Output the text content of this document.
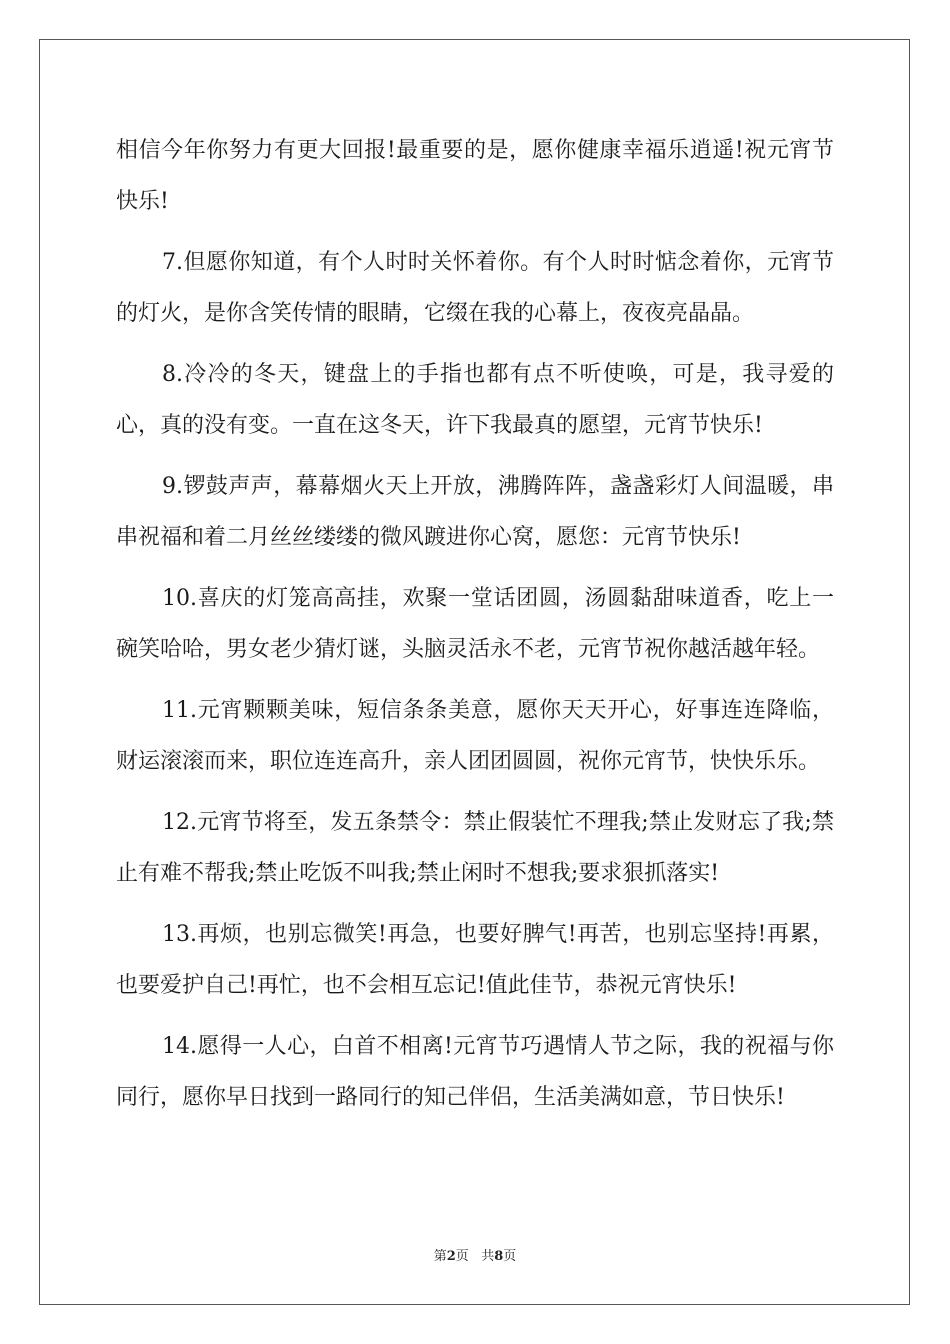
相信今年你努力有更大回报!最重要的是，愿你健康幸福乐逍遥!祝元宵节快乐!

7.但愿你知道，有个人时时关怀着你。有个人时时惦念着你，元宵节的灯火，是你含笑传情的眼睛，它缀在我的心幕上，夜夜亮晶晶。

8.冷冷的冬天，键盘上的手指也都有点不听使唤，可是，我寻爱的心，真的没有变。一直在这冬天，许下我最真的愿望，元宵节快乐!

9.锣鼓声声，幕幕烟火天上开放，沸腾阵阵，盏盏彩灯人间温暖，串串祝福和着二月丝丝缕缕的微风踱进你心窝，愿您：元宵节快乐!

10.喜庆的灯笼高高挂，欢聚一堂话团圆，汤圆黏甜味道香，吃上一碗笑哈哈，男女老少猜灯谜，头脑灵活永不老，元宵节祝你越活越年轻。

11.元宵颗颗美味，短信条条美意，愿你天天开心，好事连连降临，财运滚滚而来，职位连连高升，亲人团团圆圆，祝你元宵节，快快乐乐。

12.元宵节将至，发五条禁令：禁止假装忙不理我;禁止发财忘了我;禁止有难不帮我;禁止吃饭不叫我;禁止闲时不想我;要求狠抓落实!

13.再烦，也别忘微笑!再急，也要好脾气!再苦，也别忘坚持!再累，也要爱护自己!再忙，也不会相互忘记!值此佳节，恭祝元宵快乐!

14.愿得一人心，白首不相离!元宵节巧遇情人节之际，我的祝福与你同行，愿你早日找到一路同行的知己伴侣，生活美满如意，节日快乐!

第2页 共8页
